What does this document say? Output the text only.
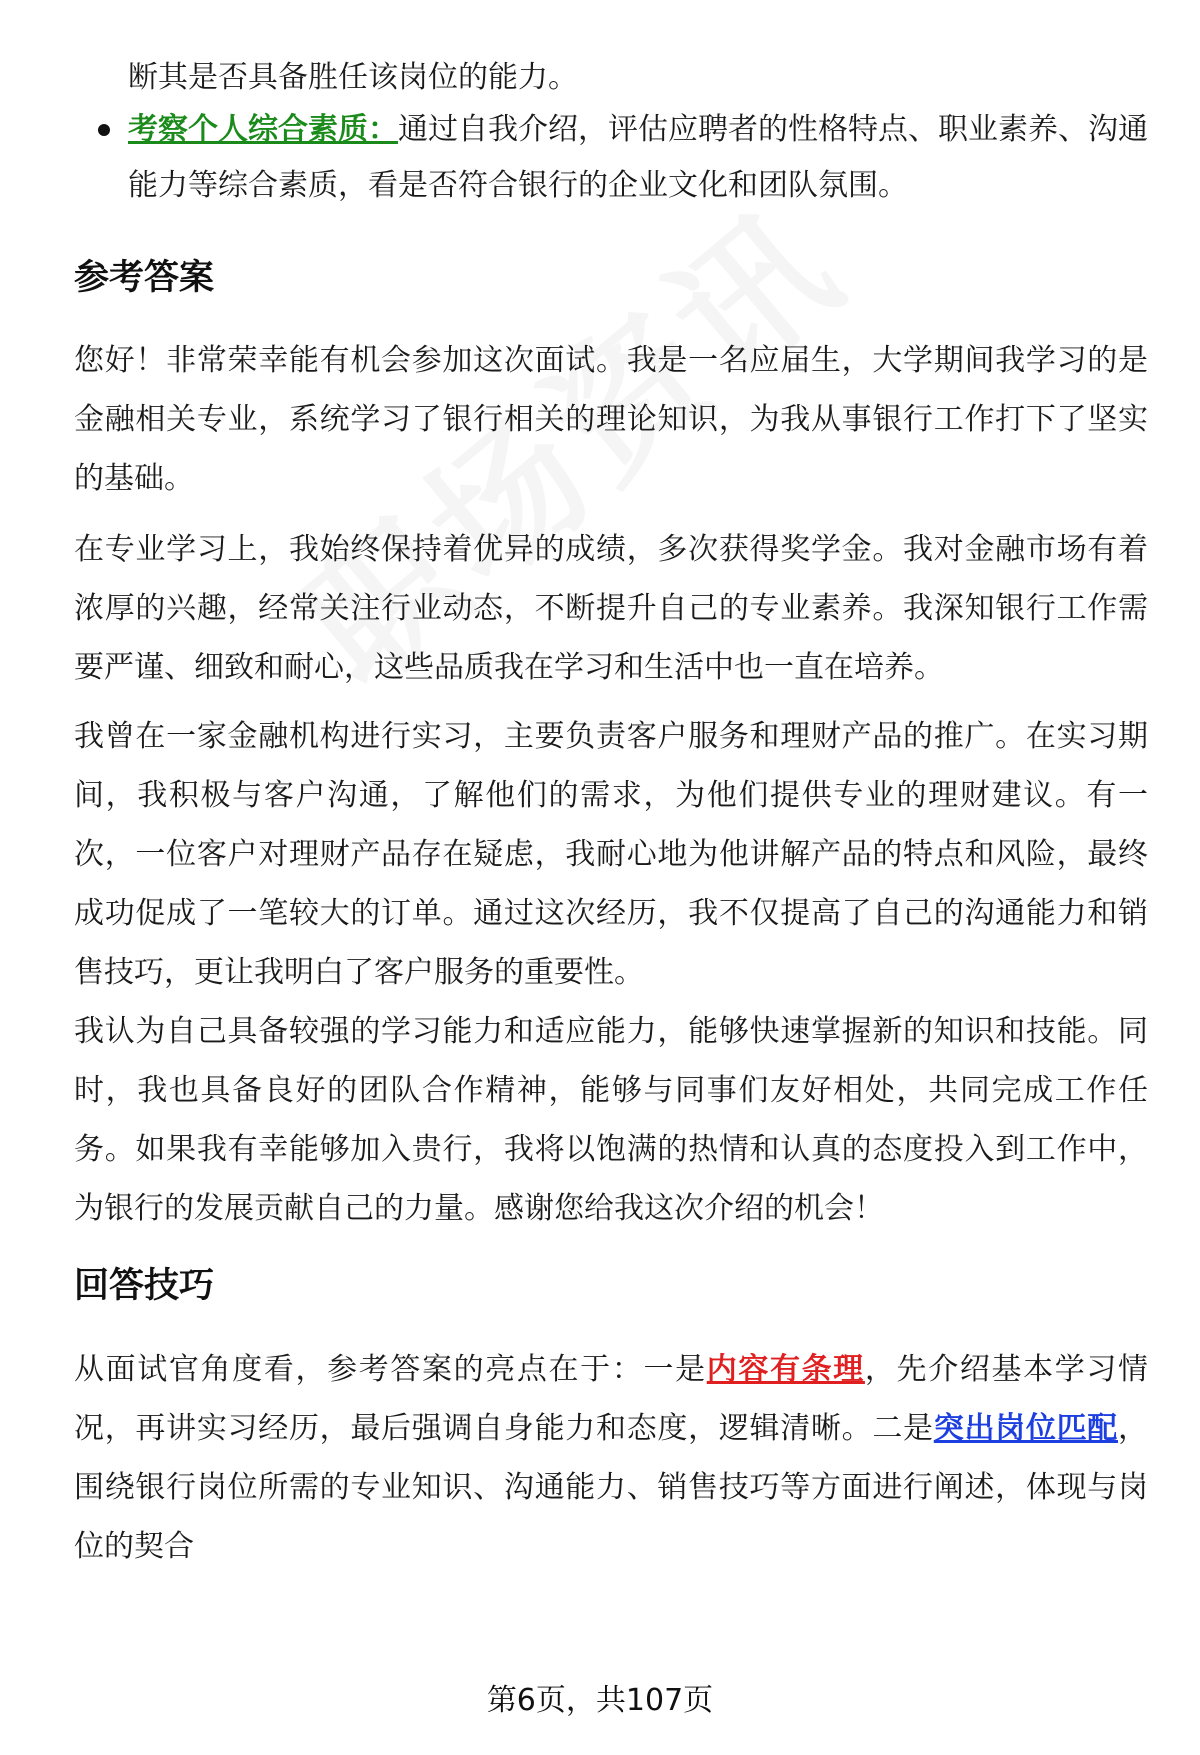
断其是否具备胜任该岗位的能力。
考察个人综合素质：通过自我介绍，评估应聘者的性格特点、职业素养、沟通
能力等综合素质，看是否符合银行的企业文化和团队氛围。
参考答案

您好！非常荣幸能有机会参加这次面试。我是一名应届生，大学期间我学习的是金融相关专业，系统学习了银行相关的理论知识，为我从事银行工作打下了坚实的基础。

在专业学习上，我始终保持着优异的成绩，多次获得奖学金。我对金融市场有着浓厚的兴趣，经常关注行业动态，不断提升自己的专业素养。我深知银行工作需要严谨、细致和耐心，这些品质我在学习和生活中也一直在培养。

我曾在一家金融机构进行实习，主要负责客户服务和理财产品的推广。在实习期间，我积极与客户沟通，了解他们的需求，为他们提供专业的理财建议。有一次，一位客户对理财产品存在疑虑，我耐心地为他讲解产品的特点和风险，最终成功促成了一笔较大的订单。通过这次经历，我不仅提高了自己的沟通能力和销售技巧，更让我明白了客户服务的重要性。

我认为自己具备较强的学习能力和适应能力，能够快速掌握新的知识和技能。同时，我也具备良好的团队合作精神，能够与同事们友好相处，共同完成工作任务。如果我有幸能够加入贵行，我将以饱满的热情和认真的态度投入到工作中，为银行的发展贡献自己的力量。感谢您给我这次介绍的机会！

回答技巧

从面试官角度看，参考答案的亮点在于：一是内容有条理，先介绍基本学习情况，再讲实习经历，最后强调自身能力和态度，逻辑清晰。二是突出岗位匹配，围绕银行岗位所需的专业知识、沟通能力、销售技巧等方面进行阐述，体现与岗位的契合

第6页，共107页
